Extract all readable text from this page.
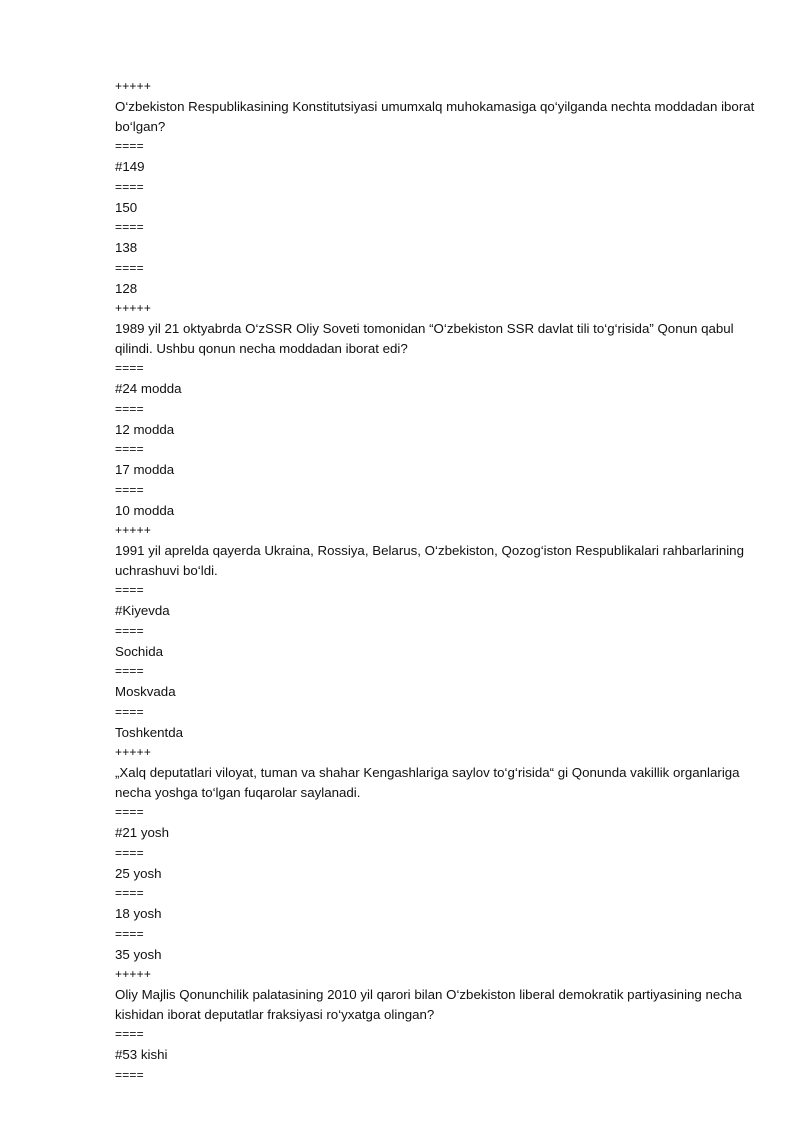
+++++
O‘zbekiston Respublikasining Konstitutsiyasi umumxalq muhokamasiga qo‘yilganda nechta moddadan iborat bo‘lgan?
====
#149
====
150
====
138
====
128
+++++
1989 yil 21 oktyabrda O‘zSSR Oliy Soveti tomonidan “O‘zbekiston SSR davlat tili to‘g‘risida” Qonun qabul qilindi. Ushbu qonun necha moddadan iborat edi?
====
#24 modda
====
12 modda
====
17 modda
====
10 modda
+++++
1991 yil aprelda qayerda Ukraina, Rossiya, Belarus, O‘zbekiston, Qozog‘iston Respublikalari rahbarlarining uchrashuvi bo‘ldi.
====
#Kiyevda
====
Sochida
====
Moskvada
====
Toshkentda
+++++
„Xalq deputatlari viloyat, tuman va shahar Kengashlariga saylov to‘g‘risida“ gi Qonunda vakillik organlariga necha yoshga to‘lgan fuqarolar saylanadi.
====
#21 yosh
====
25 yosh
====
18 yosh
====
35 yosh
+++++
Oliy Majlis Qonunchilik palatasining 2010 yil qarori bilan O‘zbekiston liberal demokratik partiyasining necha kishidan iborat deputatlar fraksiyasi ro‘yxatga olingan?
====
#53 kishi
====
